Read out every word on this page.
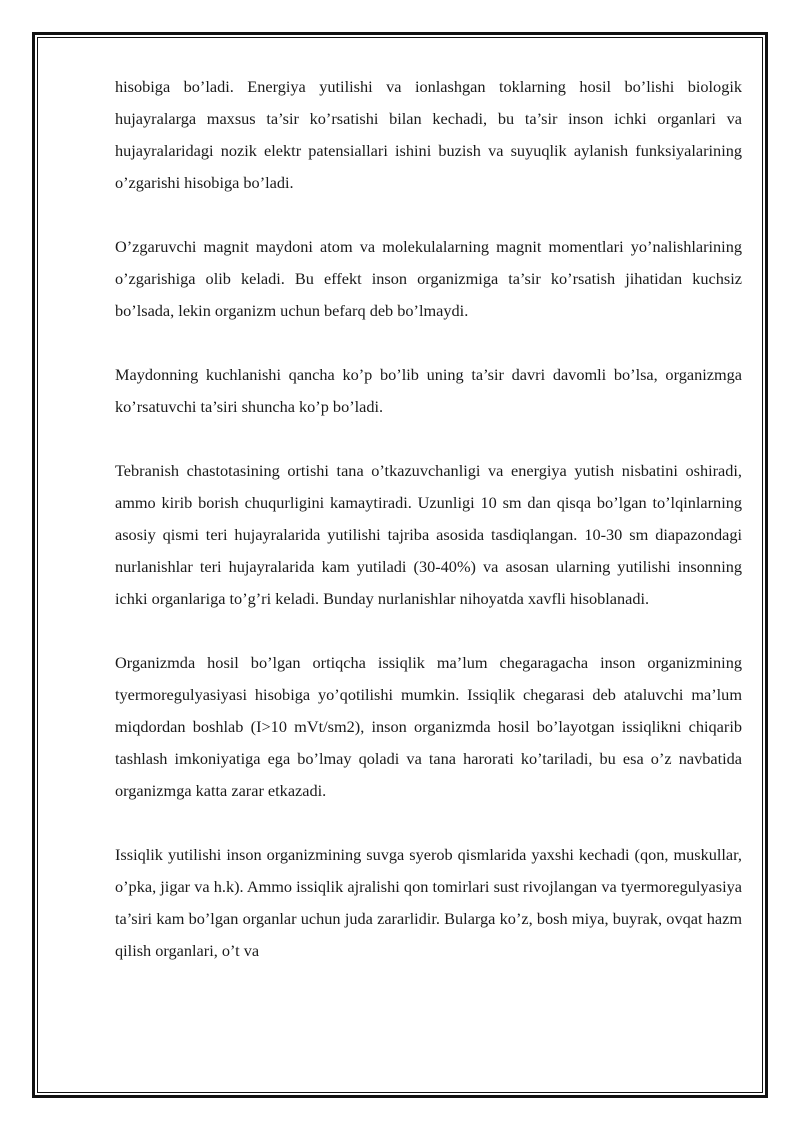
hisobiga bo’ladi. Energiya yutilishi va ionlashgan toklarning hosil bo’lishi biologik hujayralarga maxsus ta’sir ko’rsatishi bilan kechadi, bu ta’sir inson ichki organlari va hujayralaridagi nozik elektr patensiallari ishini buzish va suyuqlik aylanish funksiyalarining o’zgarishi hisobiga bo’ladi.

O’zgaruvchi magnit maydoni atom va molekulalarning magnit momentlari yo’nalishlarining o’zgarishiga olib keladi. Bu effekt inson organizmiga ta’sir ko’rsatish jihatidan kuchsiz bo’lsada, lekin organizm uchun befarq deb bo’lmaydi.

Maydonning kuchlanishi qancha ko’p bo’lib uning ta’sir davri davomli bo’lsa, organizmga ko’rsatuvchi ta’siri shuncha ko’p bo’ladi.

Tebranish chastotasining ortishi tana o’tkazuvchanligi va energiya yutish nisbatini oshiradi, ammo kirib borish chuqurligini kamaytiradi. Uzunligi 10 sm dan qisqa bo’lgan to’lqinlarning asosiy qismi teri hujayralarida yutilishi tajriba asosida tasdiqlangan. 10-30 sm diapazondagi nurlanishlar teri hujayralarida kam yutiladi (30-40%) va asosan ularning yutilishi insonning ichki organlariga to’g’ri keladi. Bunday nurlanishlar nihoyatda xavfli hisoblanadi.

Organizmda hosil bo’lgan ortiqcha issiqlik ma’lum chegaragacha inson organizmining tyermoregulyasiyasi hisobiga yo’qotilishi mumkin. Issiqlik chegarasi deb ataluvchi ma’lum miqdordan boshlab (I>10 mVt/sm2), inson organizmda hosil bo’layotgan issiqlikni chiqarib tashlash imkoniyatiga ega bo’lmay qoladi va tana harorati ko’tariladi, bu esa o’z navbatida organizmga katta zarar etkazadi.

Issiqlik yutilishi inson organizmining suvga syerob qismlarida yaxshi kechadi (qon, muskullar, o’pka, jigar va h.k). Ammo issiqlik ajralishi qon tomirlari sust rivojlangan va tyermoregulyasiya ta’siri kam bo’lgan organlar uchun juda zararlidir. Bularga ko’z, bosh miya, buyrak, ovqat hazm qilish organlari, o’t va
